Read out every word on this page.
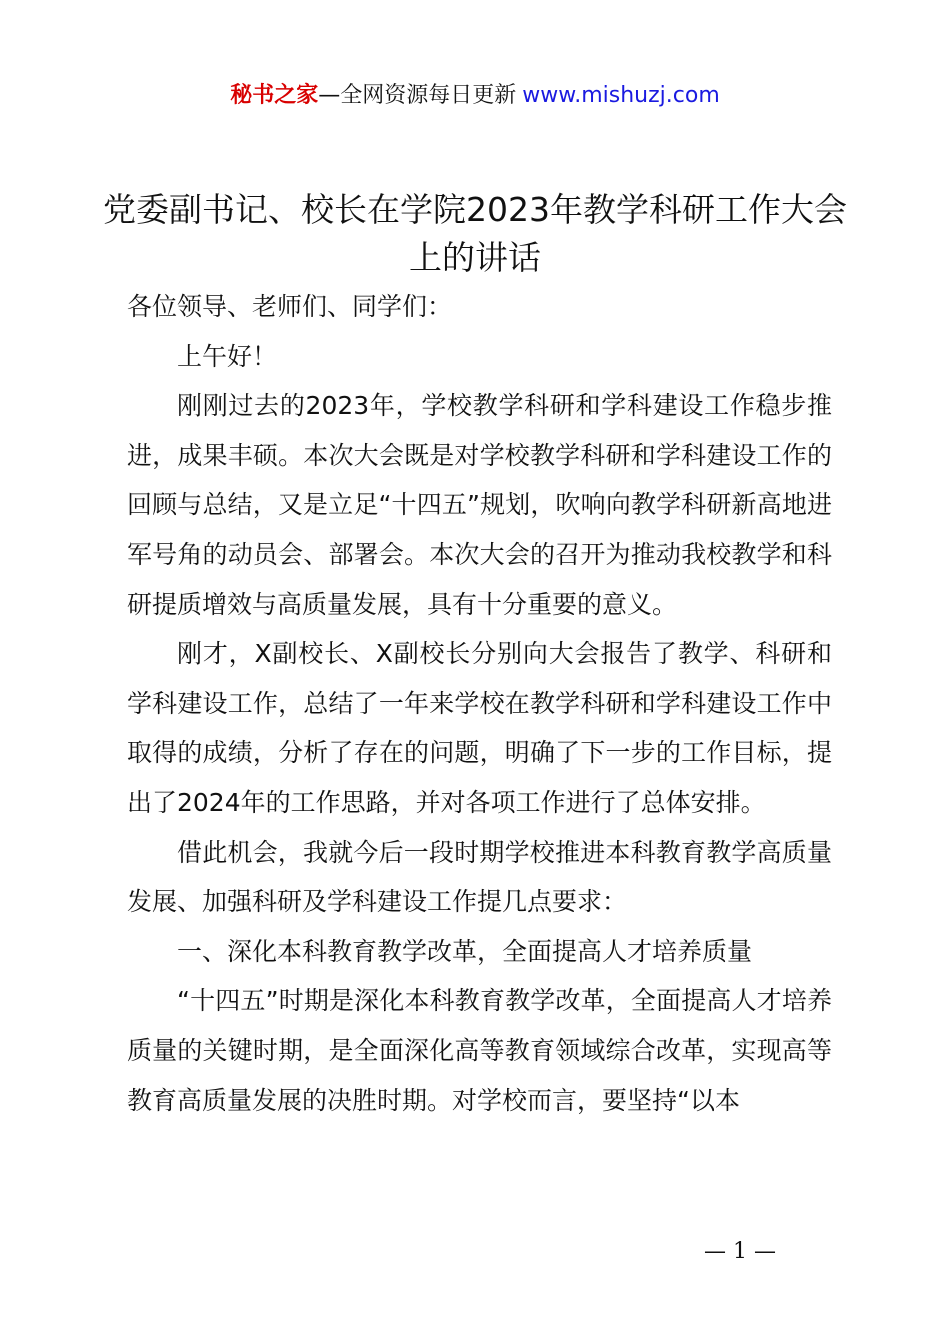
秘书之家—全网资源每日更新 www.mishuzj.com
党委副书记、校长在学院2023年教学科研工作大会上的讲话

各位领导、老师们、同学们：

上午好！

刚刚过去的2023年，学校教学科研和学科建设工作稳步推进，成果丰硕。本次大会既是对学校教学科研和学科建设工作的回顾与总结，又是立足“十四五”规划，吹响向教学科研新高地进军号角的动员会、部署会。本次大会的召开为推动我校教学和科研提质增效与高质量发展，具有十分重要的意义。

刚才，X副校长、X副校长分别向大会报告了教学、科研和学科建设工作，总结了一年来学校在教学科研和学科建设工作中取得的成绩，分析了存在的问题，明确了下一步的工作目标，提出了2024年的工作思路，并对各项工作进行了总体安排。

借此机会，我就今后一段时期学校推进本科教育教学高质量发展、加强科研及学科建设工作提几点要求：

一、深化本科教育教学改革，全面提高人才培养质量

“十四五”时期是深化本科教育教学改革，全面提高人才培养质量的关键时期，是全面深化高等教育领域综合改革，实现高等教育高质量发展的决胜时期。对学校而言，要坚持“以本

— 1 —
